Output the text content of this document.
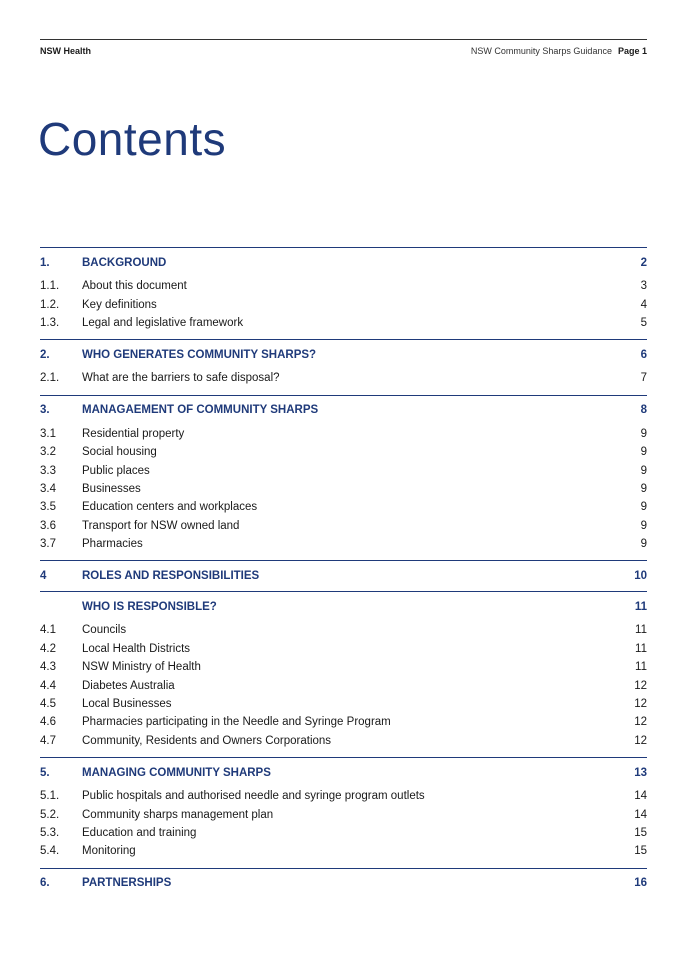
NSW Health	NSW Community Sharps Guidance Page 1
Contents
1.	BACKGROUND	2
1.1.	About this document	3
1.2.	Key definitions	4
1.3.	Legal and legislative framework	5
2.	WHO GENERATES COMMUNITY SHARPS?	6
2.1.	What are the barriers to safe disposal?	7
3.	MANAGAEMENT OF COMMUNITY SHARPS	8
3.1	Residential property	9
3.2	Social housing	9
3.3	Public places	9
3.4	Businesses	9
3.5	Education centers and workplaces	9
3.6	Transport for NSW owned land	9
3.7	Pharmacies	9
4	ROLES AND RESPONSIBILITIES	10
WHO IS RESPONSIBLE?	11
4.1	Councils	11
4.2	Local Health Districts	11
4.3	NSW Ministry of Health	11
4.4	Diabetes Australia	12
4.5	Local Businesses	12
4.6	Pharmacies participating in the Needle and Syringe Program	12
4.7	Community, Residents and Owners Corporations	12
5.	MANAGING COMMUNITY SHARPS	13
5.1.	Public hospitals and authorised needle and syringe program outlets	14
5.2.	Community sharps management plan	14
5.3.	Education and training	15
5.4.	Monitoring	15
6.	PARTNERSHIPS	16
